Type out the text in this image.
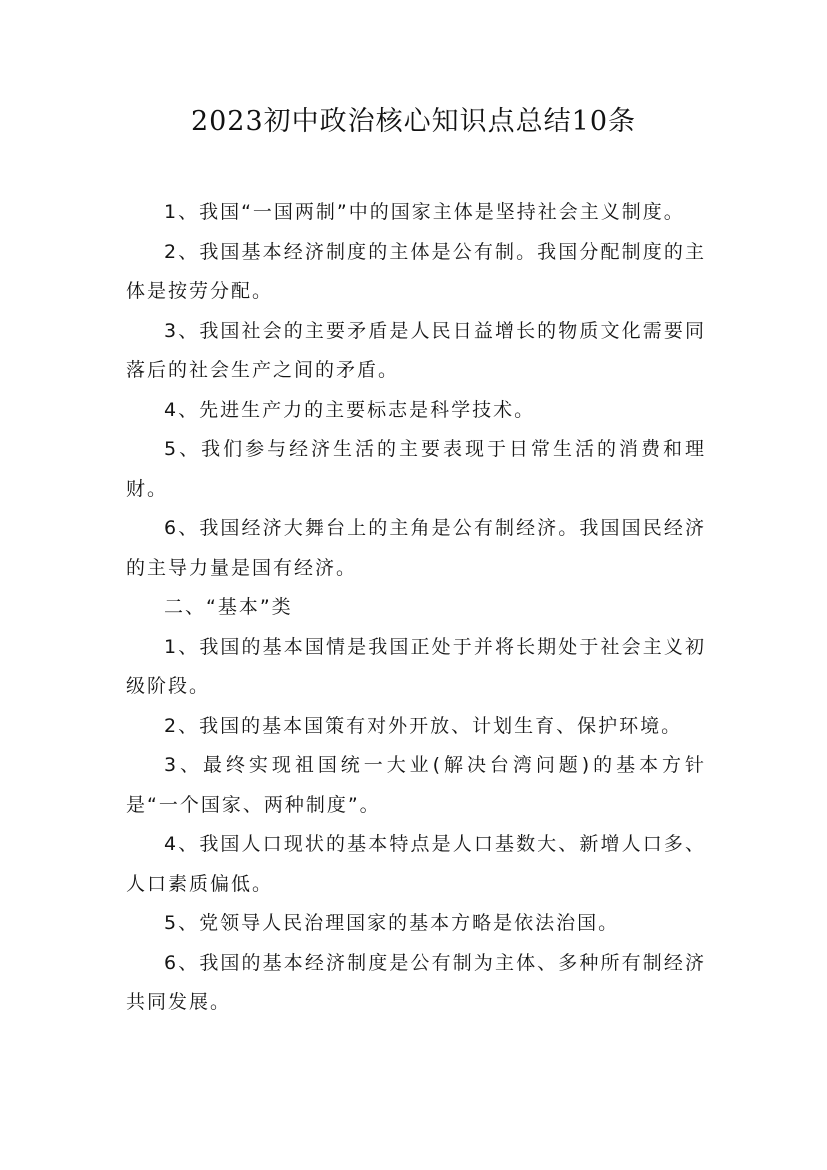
2023初中政治核心知识点总结10条

1、我国“一国两制”中的国家主体是坚持社会主义制度。

2、我国基本经济制度的主体是公有制。我国分配制度的主体是按劳分配。

3、我国社会的主要矛盾是人民日益增长的物质文化需要同落后的社会生产之间的矛盾。

4、先进生产力的主要标志是科学技术。

5、我们参与经济生活的主要表现于日常生活的消费和理财。

6、我国经济大舞台上的主角是公有制经济。我国国民经济的主导力量是国有经济。

二、“基本”类

1、我国的基本国情是我国正处于并将长期处于社会主义初级阶段。

2、我国的基本国策有对外开放、计划生育、保护环境。

3、最终实现祖国统一大业(解决台湾问题)的基本方针是“一个国家、两种制度”。

4、我国人口现状的基本特点是人口基数大、新增人口多、人口素质偏低。

5、党领导人民治理国家的基本方略是依法治国。

6、我国的基本经济制度是公有制为主体、多种所有制经济共同发展。
